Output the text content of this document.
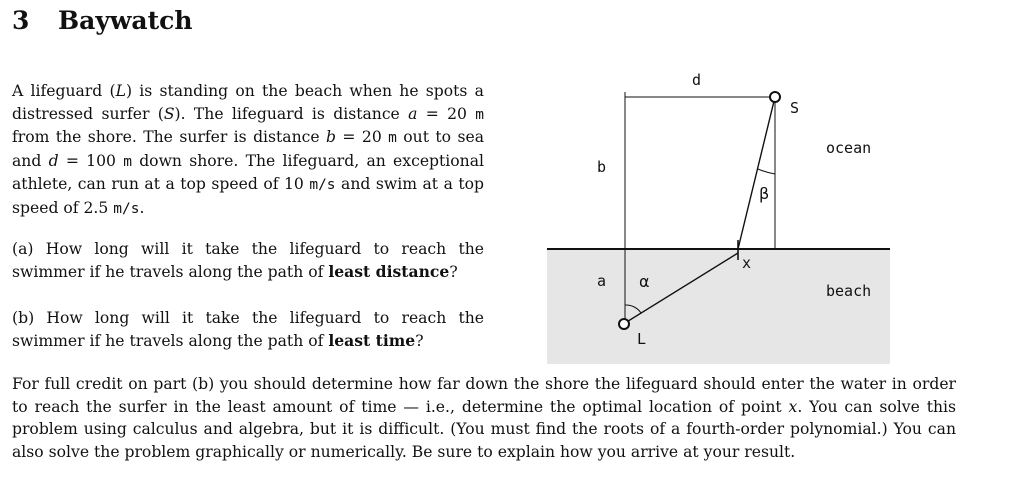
3 Baywatch

A lifeguard (L) is standing on the beach when he spots a distressed surfer (S). The lifeguard is distance a = 20 m from the shore. The surfer is distance b = 20 m out to sea and d = 100 m down shore. The lifeguard, an exceptional athlete, can run at a top speed of 10 m/s and swim at a top speed of 2.5 m/s.

(a) How long will it take the lifeguard to reach the swimmer if he travels along the path of least distance?

(b) How long will it take the lifeguard to reach the swimmer if he travels along the path of least time?

For full credit on part (b) you should determine how far down the shore the lifeguard should enter the water in order to reach the surfer in the least amount of time — i.e., determine the optimal location of point x. You can solve this problem using calculus and algebra, but it is difficult. (You must find the roots of a fourth-order polynomial.) You can also solve the problem graphically or numerically. Be sure to explain how you arrive at your result.

d
S
ocean
b
β
x
a α	beach
L
